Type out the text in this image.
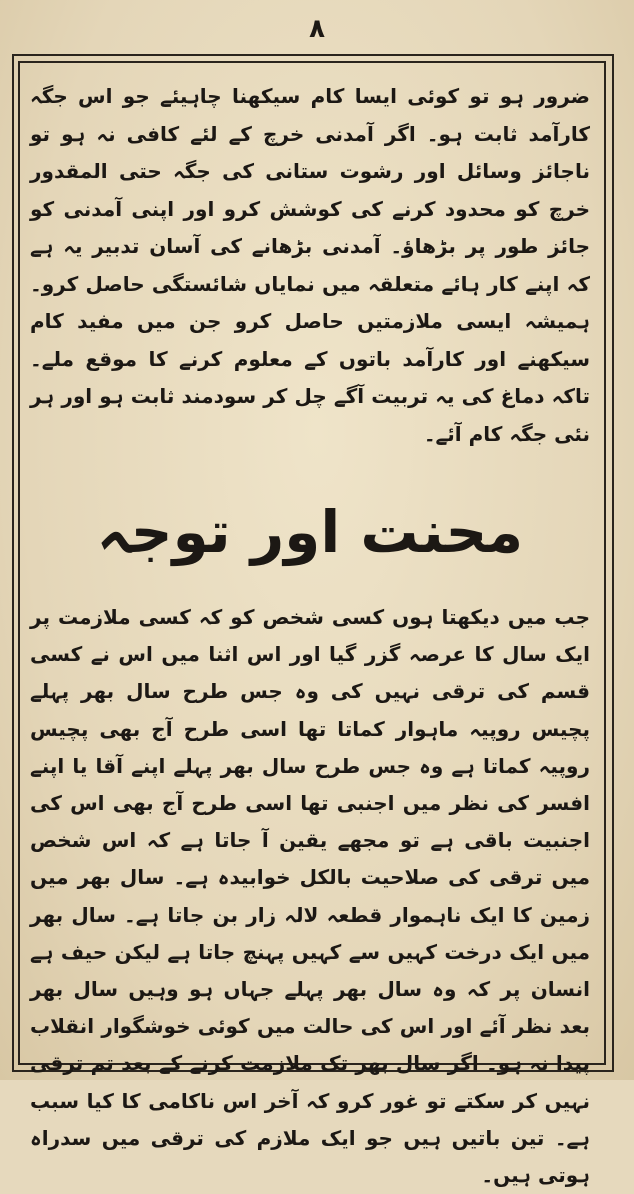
۸

ضرور ہو تو کوئی ایسا کام سیکھنا چاہیئے جو اس جگہ کارآمد ثابت ہو۔ اگر آمدنی خرچ کے لئے کافی نہ ہو تو ناجائز وسائل اور رشوت ستانی کی جگہ حتی المقدور خرچ کو محدود کرنے کی کوشش کرو اور اپنی آمدنی کو جائز طور پر بڑھاؤ۔ آمدنی بڑھانے کی آسان تدبیر یہ ہے کہ اپنے کار ہائے متعلقہ میں نمایاں شائستگی حاصل کرو۔ ہمیشہ ایسی ملازمتیں حاصل کرو جن میں مفید کام سیکھنے اور کارآمد باتوں کے معلوم کرنے کا موقع ملے۔ تاکہ دماغ کی یہ تربیت آگے چل کر سودمند ثابت ہو اور ہر نئی جگہ کام آئے۔

محنت اور توجہ

جب میں دیکھتا ہوں کسی شخص کو کہ کسی ملازمت پر ایک سال کا عرصہ گزر گیا اور اس اثنا میں اس نے کسی قسم کی ترقی نہیں کی وہ جس طرح سال بھر پہلے پچیس روپیہ ماہوار کماتا تھا اسی طرح آج بھی پچیس روپیہ کماتا ہے وہ جس طرح سال بھر پہلے اپنے آقا یا اپنے افسر کی نظر میں اجنبی تھا اسی طرح آج بھی اس کی اجنبیت باقی ہے تو مجھے یقین آ جاتا ہے کہ اس شخص میں ترقی کی صلاحیت بالکل خوابیدہ ہے۔ سال بھر میں زمین کا ایک ناہموار قطعہ لالہ زار بن جاتا ہے۔ سال بھر میں ایک درخت کہیں سے کہیں پہنچ جاتا ہے لیکن حیف ہے انسان پر کہ وہ سال بھر پہلے جہاں ہو وہیں سال بھر بعد نظر آئے اور اس کی حالت میں کوئی خوشگوار انقلاب پیدا نہ ہو۔ اگر سال بھر تک ملازمت کرنے کے بعد تم ترقی نہیں کر سکتے تو غور کرو کہ آخر اس ناکامی کا کیا سبب ہے۔ تین باتیں ہیں جو ایک ملازم کی ترقی میں سدراہ ہوتی ہیں۔
